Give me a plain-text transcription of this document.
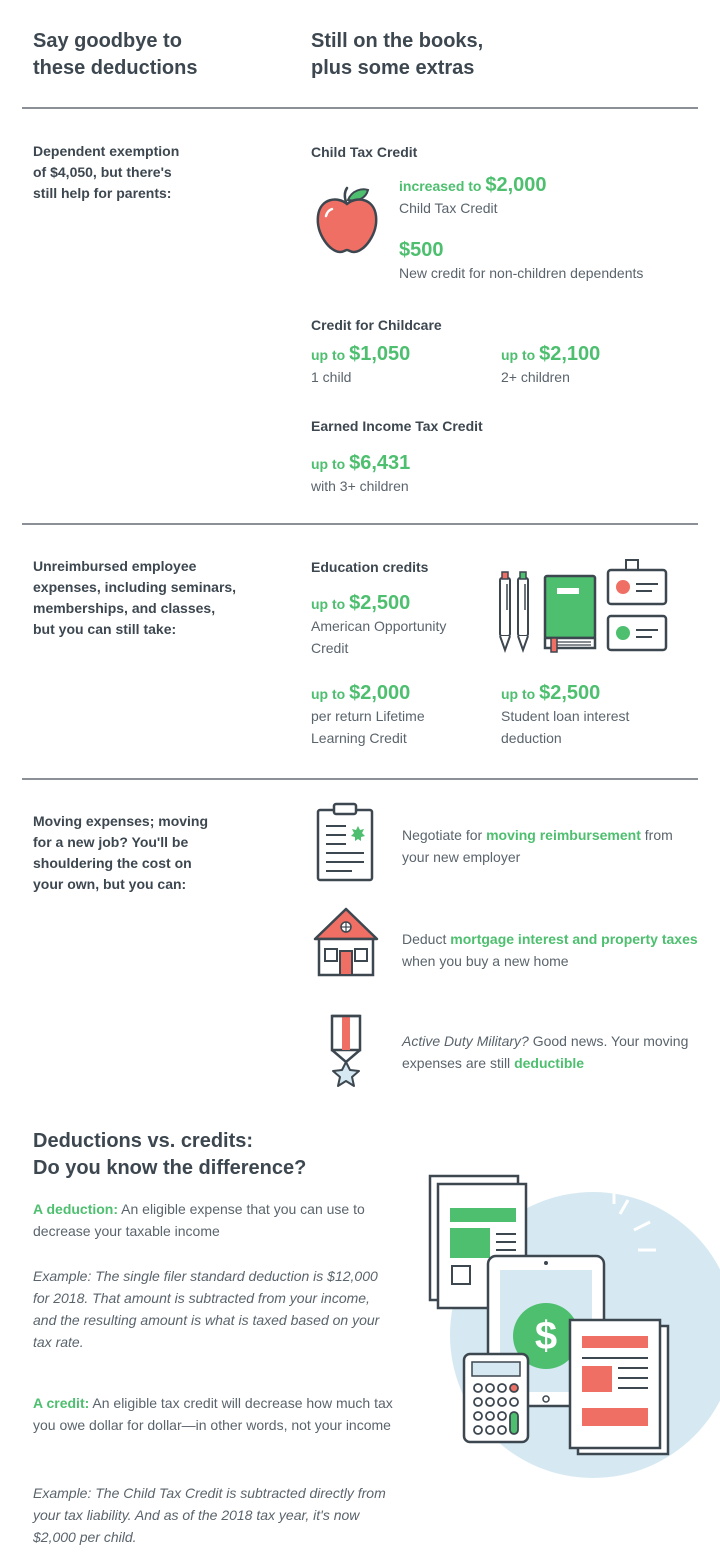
Say goodbye to
these deductions
Still on the books,
plus some extras
Dependent exemption
of $4,050, but there's
still help for parents:
Child Tax Credit
increased to $2,000
Child Tax Credit
$500
New credit for non-children dependents
Credit for Childcare
up to $1,050
1 child
up to $2,100
2+ children
Earned Income Tax Credit
up to $6,431
with 3+ children
Unreimbursed employee
expenses, including seminars,
memberships, and classes,
but you can still take:
Education credits
up to $2,500
American Opportunity
Credit
up to $2,000
per return Lifetime
Learning Credit
up to $2,500
Student loan interest
deduction
Moving expenses; moving
for a new job? You'll be
shouldering the cost on
your own, but you can:
Negotiate for moving reimbursement from your new employer
Deduct mortgage interest and property taxes when you buy a new home
Active Duty Military? Good news. Your moving expenses are still deductible
Deductions vs. credits:
Do you know the difference?
A deduction: An eligible expense that you can use to decrease your taxable income
Example: The single filer standard deduction is $12,000 for 2018. That amount is subtracted from your income, and the resulting amount is what is taxed based on your tax rate.
A credit: An eligible tax credit will decrease how much tax you owe dollar for dollar—in other words, not your income
Example: The Child Tax Credit is subtracted directly from your tax liability. And as of the 2018 tax year, it's now $2,000 per child.
$
